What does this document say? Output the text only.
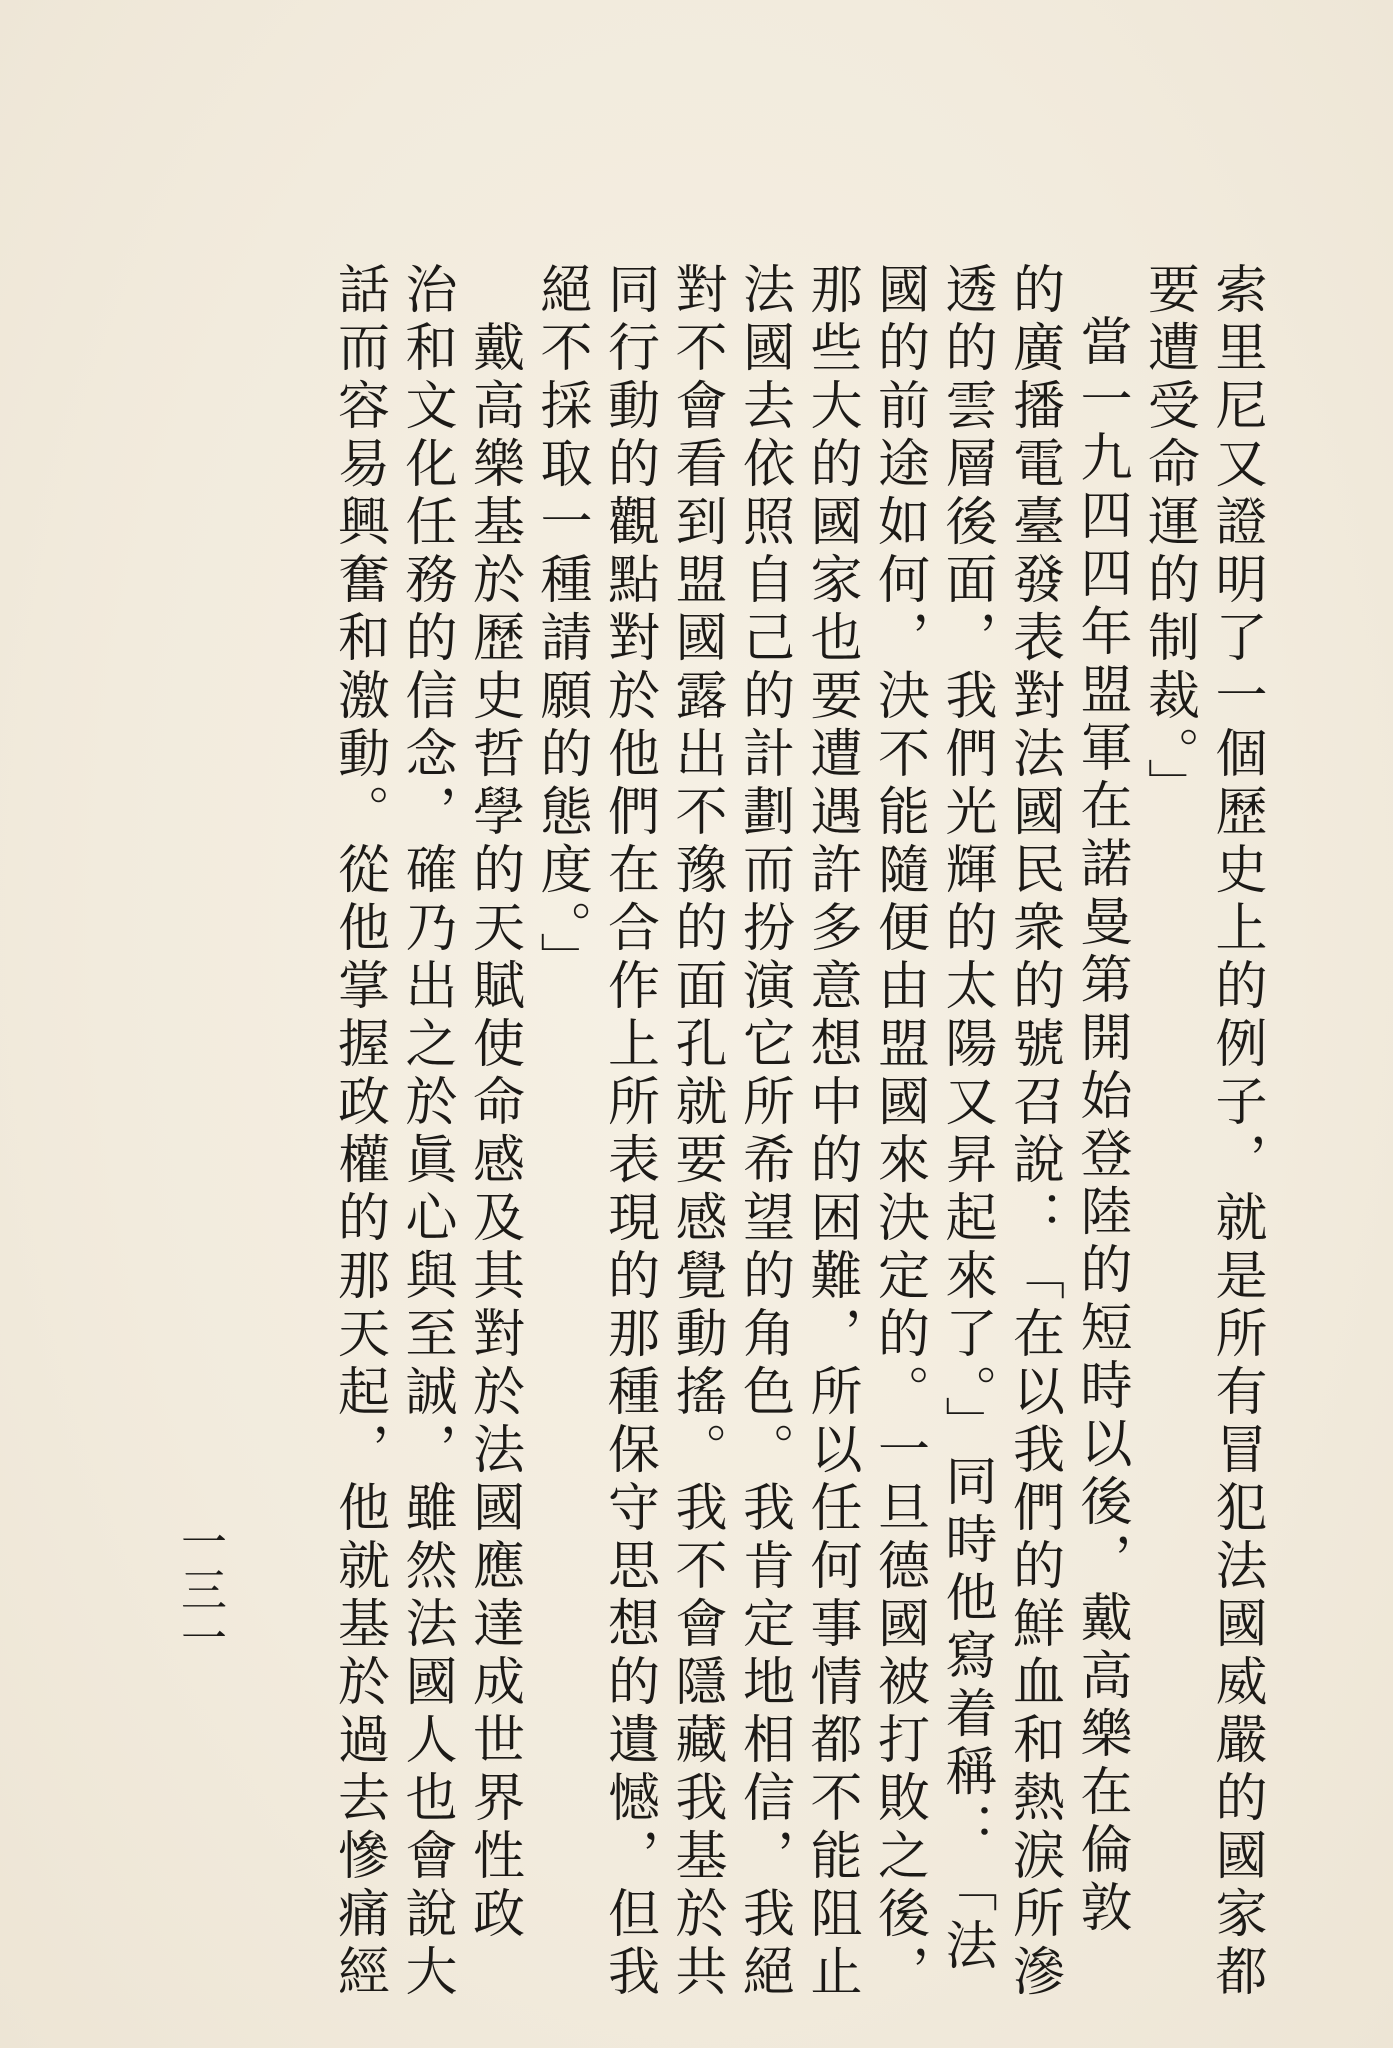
索里尼又證明了一個歷史上的例子，就是所有冒犯法國威嚴的國家都
要遭受命運的制裁。」
當一九四四年盟軍在諾曼第開始登陸的短時以後，戴高樂在倫敦
的廣播電臺發表對法國民衆的號召說：「在以我們的鮮血和熱淚所滲
透的雲層後面，我們光輝的太陽又昇起來了。」同時他寫着稱：「法
國的前途如何，決不能隨便由盟國來決定的。一旦德國被打敗之後，
那些大的國家也要遭遇許多意想中的困難，所以任何事情都不能阻止
法國去依照自己的計劃而扮演它所希望的角色。我肯定地相信，我絕
對不會看到盟國露出不豫的面孔就要感覺動搖。我不會隱藏我基於共
同行動的觀點對於他們在合作上所表現的那種保守思想的遺憾，但我
絕不採取一種請願的態度。」
戴高樂基於歷史哲學的天賦使命感及其對於法國應達成世界性政
治和文化任務的信念，確乃出之於眞心與至誠，雖然法國人也會說大
話而容易興奮和激動。從他掌握政權的那天起，他就基於過去慘痛經
一三一
